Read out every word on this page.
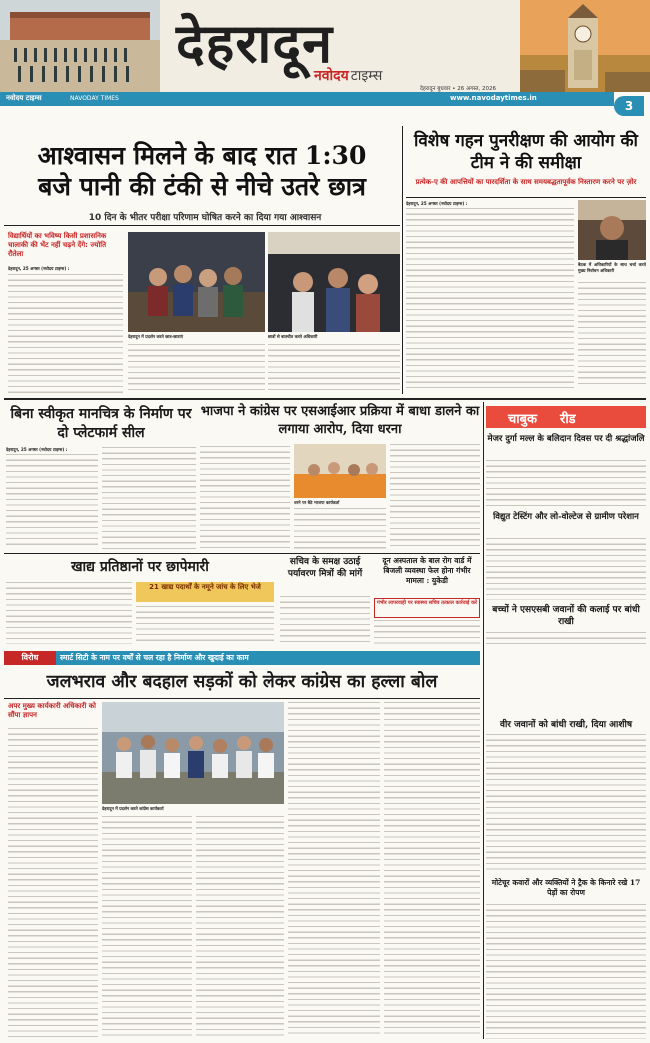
देहरादून
नवोदय टाइम्स
देहरादून बुधवार • 26 अगस्त, 2026
3
नवोदय टाइम्स	NAVODAY TIMES	www.navodaytimes.in
आश्वासन मिलने के बाद रात 1:30
बजे पानी की टंकी से नीचे उतरे छात्र
10 दिन के भीतर परीक्षा परिणाम घोषित करने का दिया गया आश्वासन
विद्यार्थियों का भविष्य किसी प्रशासनिक चालाकी की भेंट नहीं चढ़ने देंगे: ज्योति रौतेला
देहरादून, 25 अगस्त (नवोदय टाइम्स) :
देहरादून में प्रदर्शन करते छात्र-छात्राएं	छात्रों से बातचीत करते अधिकारी
विशेष गहन पुनरीक्षण की आयोग की टीम ने की समीक्षा
प्रत्येक-ए की आपत्तियों का पारदर्शिता के साथ समयबद्धतापूर्वक निस्तारण करने पर ज़ोर
देहरादून, 25 अगस्त (नवोदय टाइम्स) :
बैठक में अधिकारियों के साथ चर्चा करते मुख्य निर्वाचन अधिकारी
बिना स्वीकृत मानचित्र के निर्माण पर दो प्लेटफार्म सील
देहरादून, 25 अगस्त (नवोदय टाइम्स) :
भाजपा ने कांग्रेस पर एसआईआर प्रक्रिया में बाधा डालने का लगाया आरोप, दिया धरना
धरने पर बैठे भाजपा कार्यकर्ता
चाबुक रीड
मेजर दुर्गा मल्ल के बलिदान दिवस पर दी श्रद्धांजलि
विद्युत टेस्टिंग और लो-वोल्टेज से ग्रामीण परेशान
खाद्य प्रतिष्ठानों पर छापेमारी
21 खाद्य पदार्थों के नमूने जांच के लिए भेजे
सचिव के समक्ष उठाई पर्यावरण मित्रों की मांगें
दून अस्पताल के बाल रोग वार्ड में बिजली व्यवस्था फेल होना गंभीर मामला : युकेडी
गंभीर लापरवाही पर स्वास्थ्य सचिव तत्काल कार्रवाई करें
बच्चों ने एसएसबी जवानों की कलाई पर बांधी राखी
वीर जवानों को बांधी राखी, दिया आशीष
मोटेचूर कवारों और व्यक्तियों ने ट्रैक के किनारे रखे 17 पेड़ों का रोपण
विरोध	स्मार्ट सिटी के नाम पर वर्षों से चल रहा है निर्माण और खुदाई का काम
जलभराव और बदहाल सड़कों को लेकर कांग्रेस का हल्ला बोल
अपर मुख्य कार्यकारी अधिकारी को सौंपा ज्ञापन
देहरादून में प्रदर्शन करते कांग्रेस कार्यकर्ता
